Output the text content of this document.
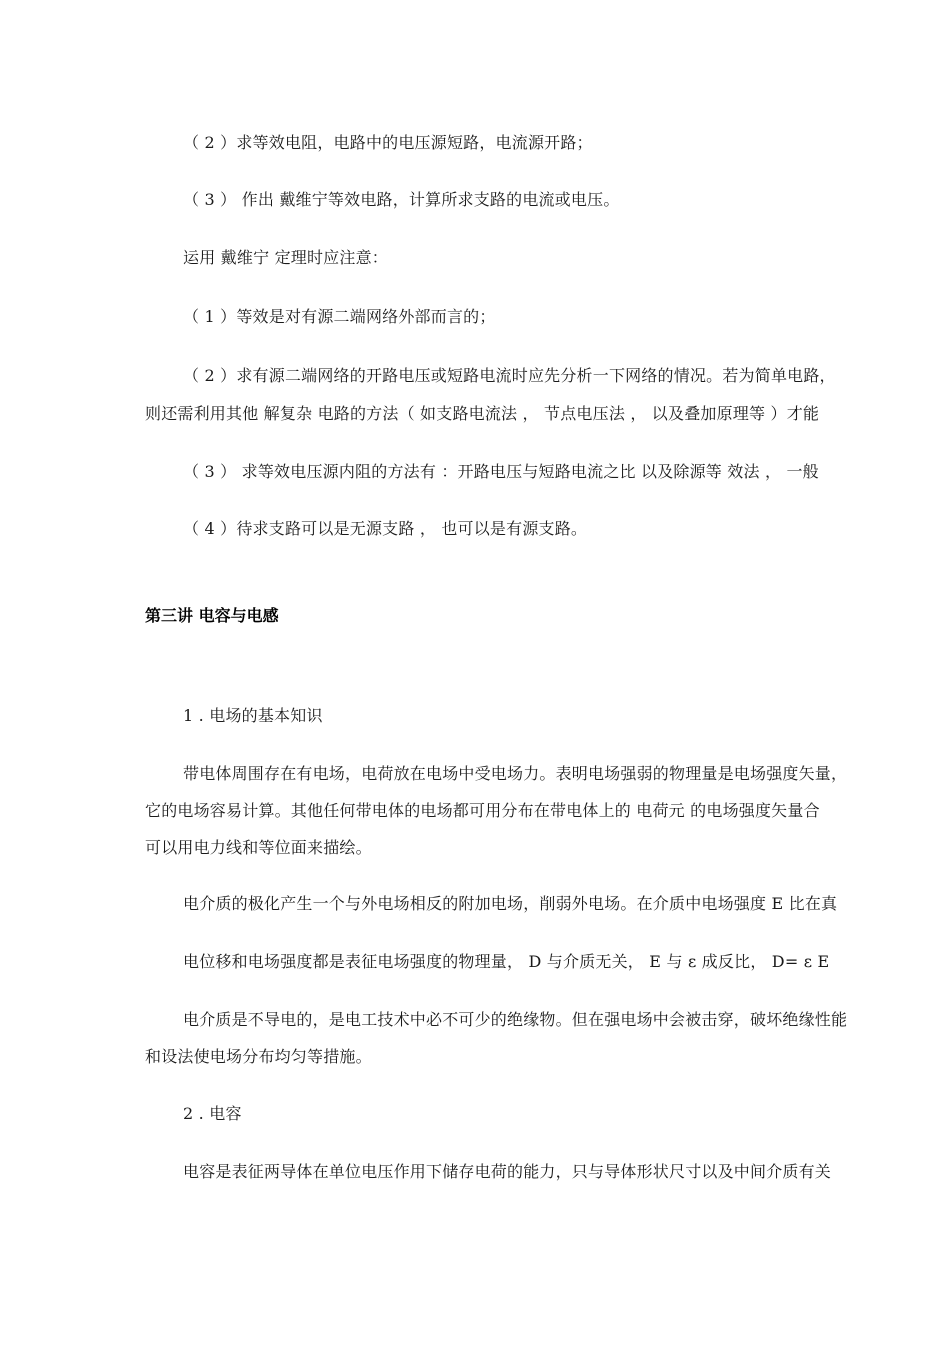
（ 2 ）求等效电阻，电路中的电压源短路，电流源开路；
（ 3 ） 作出 戴维宁等效电路，计算所求支路的电流或电压。
运用 戴维宁 定理时应注意：
（ 1 ）等效是对有源二端网络外部而言的；
（ 2 ）求有源二端网络的开路电压或短路电流时应先分析一下网络的情况。若为简单电路，
则还需利用其他 解复杂 电路的方法（ 如支路电流法 ， 节点电压法 ， 以及叠加原理等 ）才能
（ 3 ） 求等效电压源内阻的方法有 ：开路电压与短路电流之比 以及除源等 效法 ， 一般
（ 4 ）待求支路可以是无源支路 ， 也可以是有源支路。
第三讲 电容与电感
1 . 电场的基本知识
带电体周围存在有电场，电荷放在电场中受电场力。表明电场强弱的物理量是电场强度矢量，
它的电场容易计算。其他任何带电体的电场都可用分布在带电体上的 电荷元 的电场强度矢量合
可以用电力线和等位面来描绘。
电介质的极化产生一个与外电场相反的附加电场，削弱外电场。在介质中电场强度 E 比在真
电位移和电场强度都是表征电场强度的物理量， D 与介质无关， E 与 ε 成反比， D= ε E
电介质是不导电的，是电工技术中必不可少的绝缘物。但在强电场中会被击穿，破坏绝缘性能
和设法使电场分布均匀等措施。
2 . 电容
电容是表征两导体在单位电压作用下储存电荷的能力，只与导体形状尺寸以及中间介质有关
